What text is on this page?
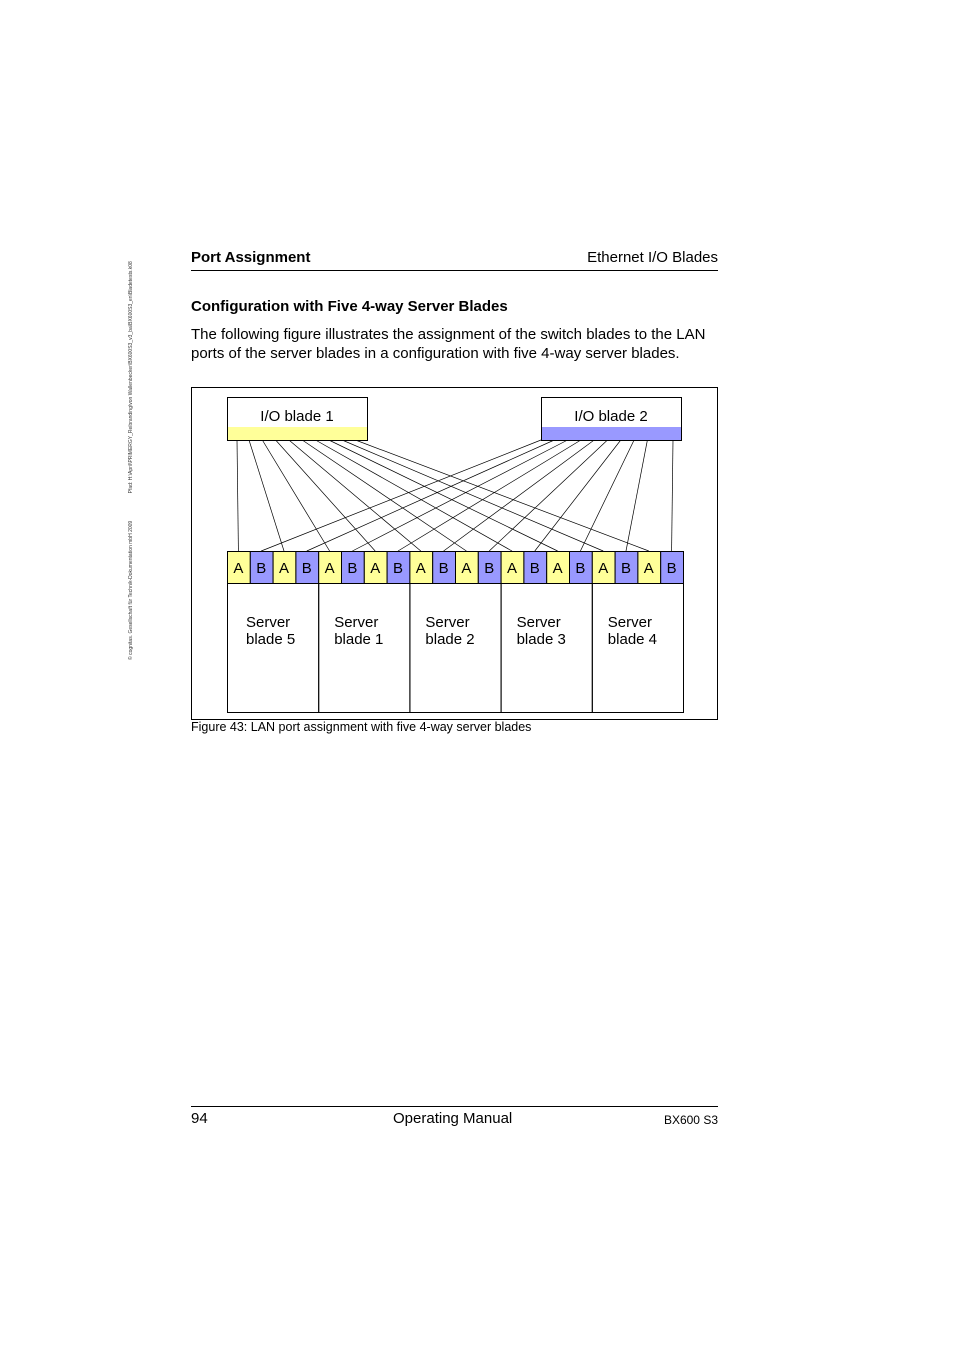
© cognitas. Gesellschaft für Technik-Dokumentation mbH 2009 Pfad: H:\April\PRIMERGY_Reibranding\von Wallenbecker\BX600S3_v3_ba\BX600S3_en\Bladetests.k08
Port Assignment	Ethernet I/O Blades
Configuration with Five 4-way Server Blades
The following figure illustrates the assignment of the switch blades to the LAN ports of the server blades in a configuration with five 4-way server blades.
I/O blade 1	I/O blade 2
A B A B A B A B A B A B A B A B A B A B
Server
blade 5
Server
blade 1
Server
blade 2
Server
blade 3
Server
blade 4
Figure 43: LAN port assignment with five 4-way server blades
94	Operating Manual	BX600 S3
